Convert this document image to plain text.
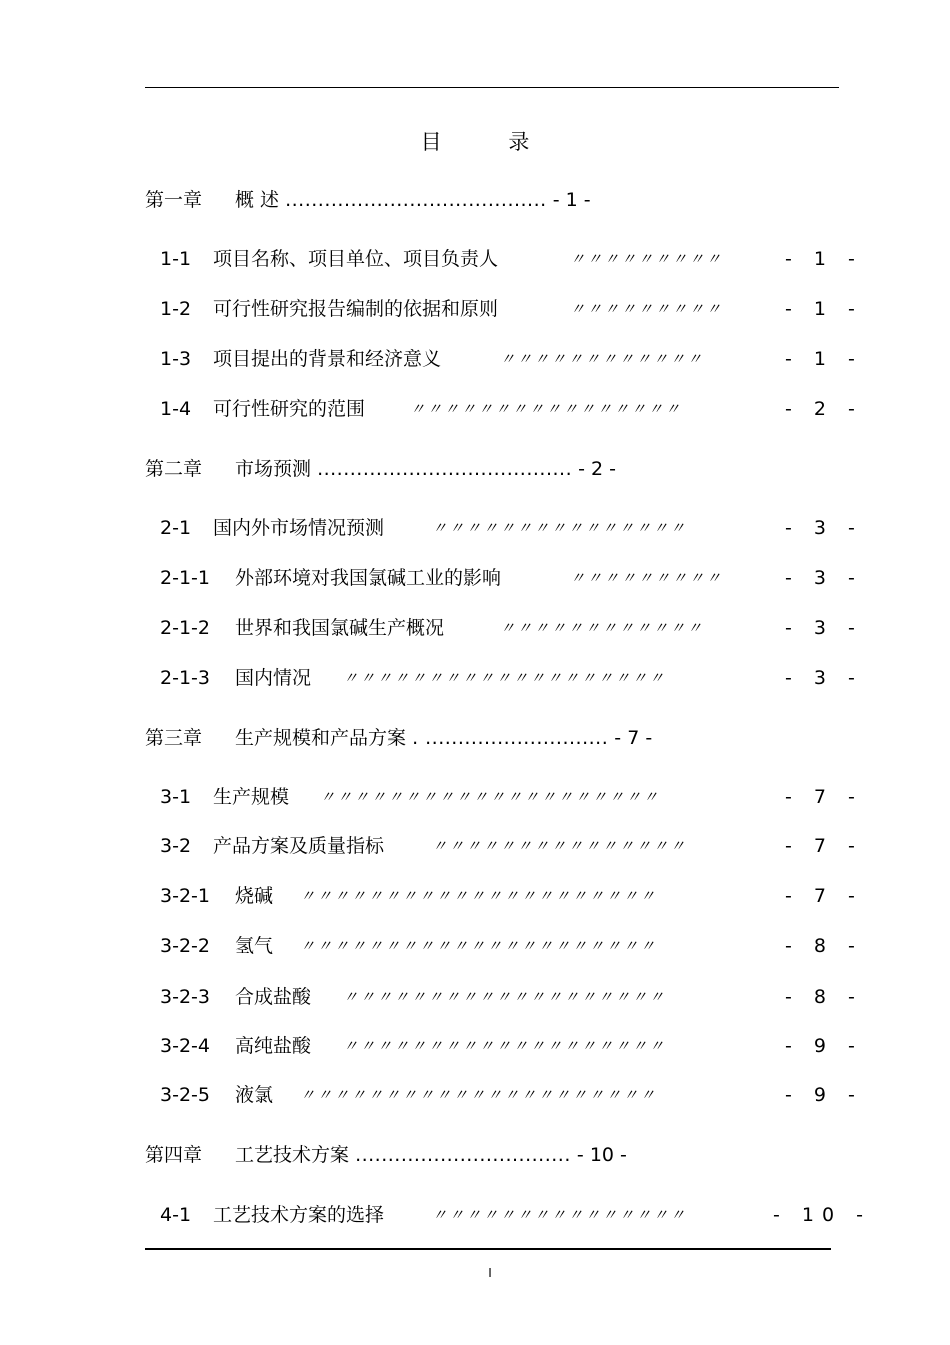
目 录
第一章 概 述 ........................................ - 1 -
1-1 项目名称、项目单位、项目负责人	〃〃〃〃〃〃〃〃〃	- 1 -
1-2 可行性研究报告编制的依据和原则	〃〃〃〃〃〃〃〃〃	- 1 -
1-3 项目提出的背景和经济意义	〃〃〃〃〃〃〃〃〃〃〃〃	- 1 -
1-4 可行性研究的范围	〃〃〃〃〃〃〃〃〃〃〃〃〃〃〃〃	- 2 -
第二章 市场预测 ....................................... - 2 -
2-1 国内外市场情况预测	〃〃〃〃〃〃〃〃〃〃〃〃〃〃〃	- 3 -
2-1-1 外部环境对我国氯碱工业的影响	〃〃〃〃〃〃〃〃〃	- 3 -
2-1-2 世界和我国氯碱生产概况	〃〃〃〃〃〃〃〃〃〃〃〃	- 3 -
2-1-3 国内情况 〃〃〃〃〃〃〃〃〃〃〃〃〃〃〃〃〃〃〃	- 3 -
第三章 生产规模和产品方案 . ............................ - 7 -
3-1 生产规模 〃〃〃〃〃〃〃〃〃〃〃〃〃〃〃〃〃〃〃〃	- 7 -
3-2 产品方案及质量指标	〃〃〃〃〃〃〃〃〃〃〃〃〃〃〃	- 7 -
3-2-1 烧碱 〃〃〃〃〃〃〃〃〃〃〃〃〃〃〃〃〃〃〃〃〃	- 7 -
3-2-2 氢气 〃〃〃〃〃〃〃〃〃〃〃〃〃〃〃〃〃〃〃〃〃	- 8 -
3-2-3 合成盐酸 〃〃〃〃〃〃〃〃〃〃〃〃〃〃〃〃〃〃〃	- 8 -
3-2-4 高纯盐酸 〃〃〃〃〃〃〃〃〃〃〃〃〃〃〃〃〃〃〃	- 9 -
3-2-5 液氯 〃〃〃〃〃〃〃〃〃〃〃〃〃〃〃〃〃〃〃〃〃	- 9 -
第四章 工艺技术方案 ................................. - 10 -
4-1 工艺技术方案的选择	〃〃〃〃〃〃〃〃〃〃〃〃〃〃〃	- 10 -
I
